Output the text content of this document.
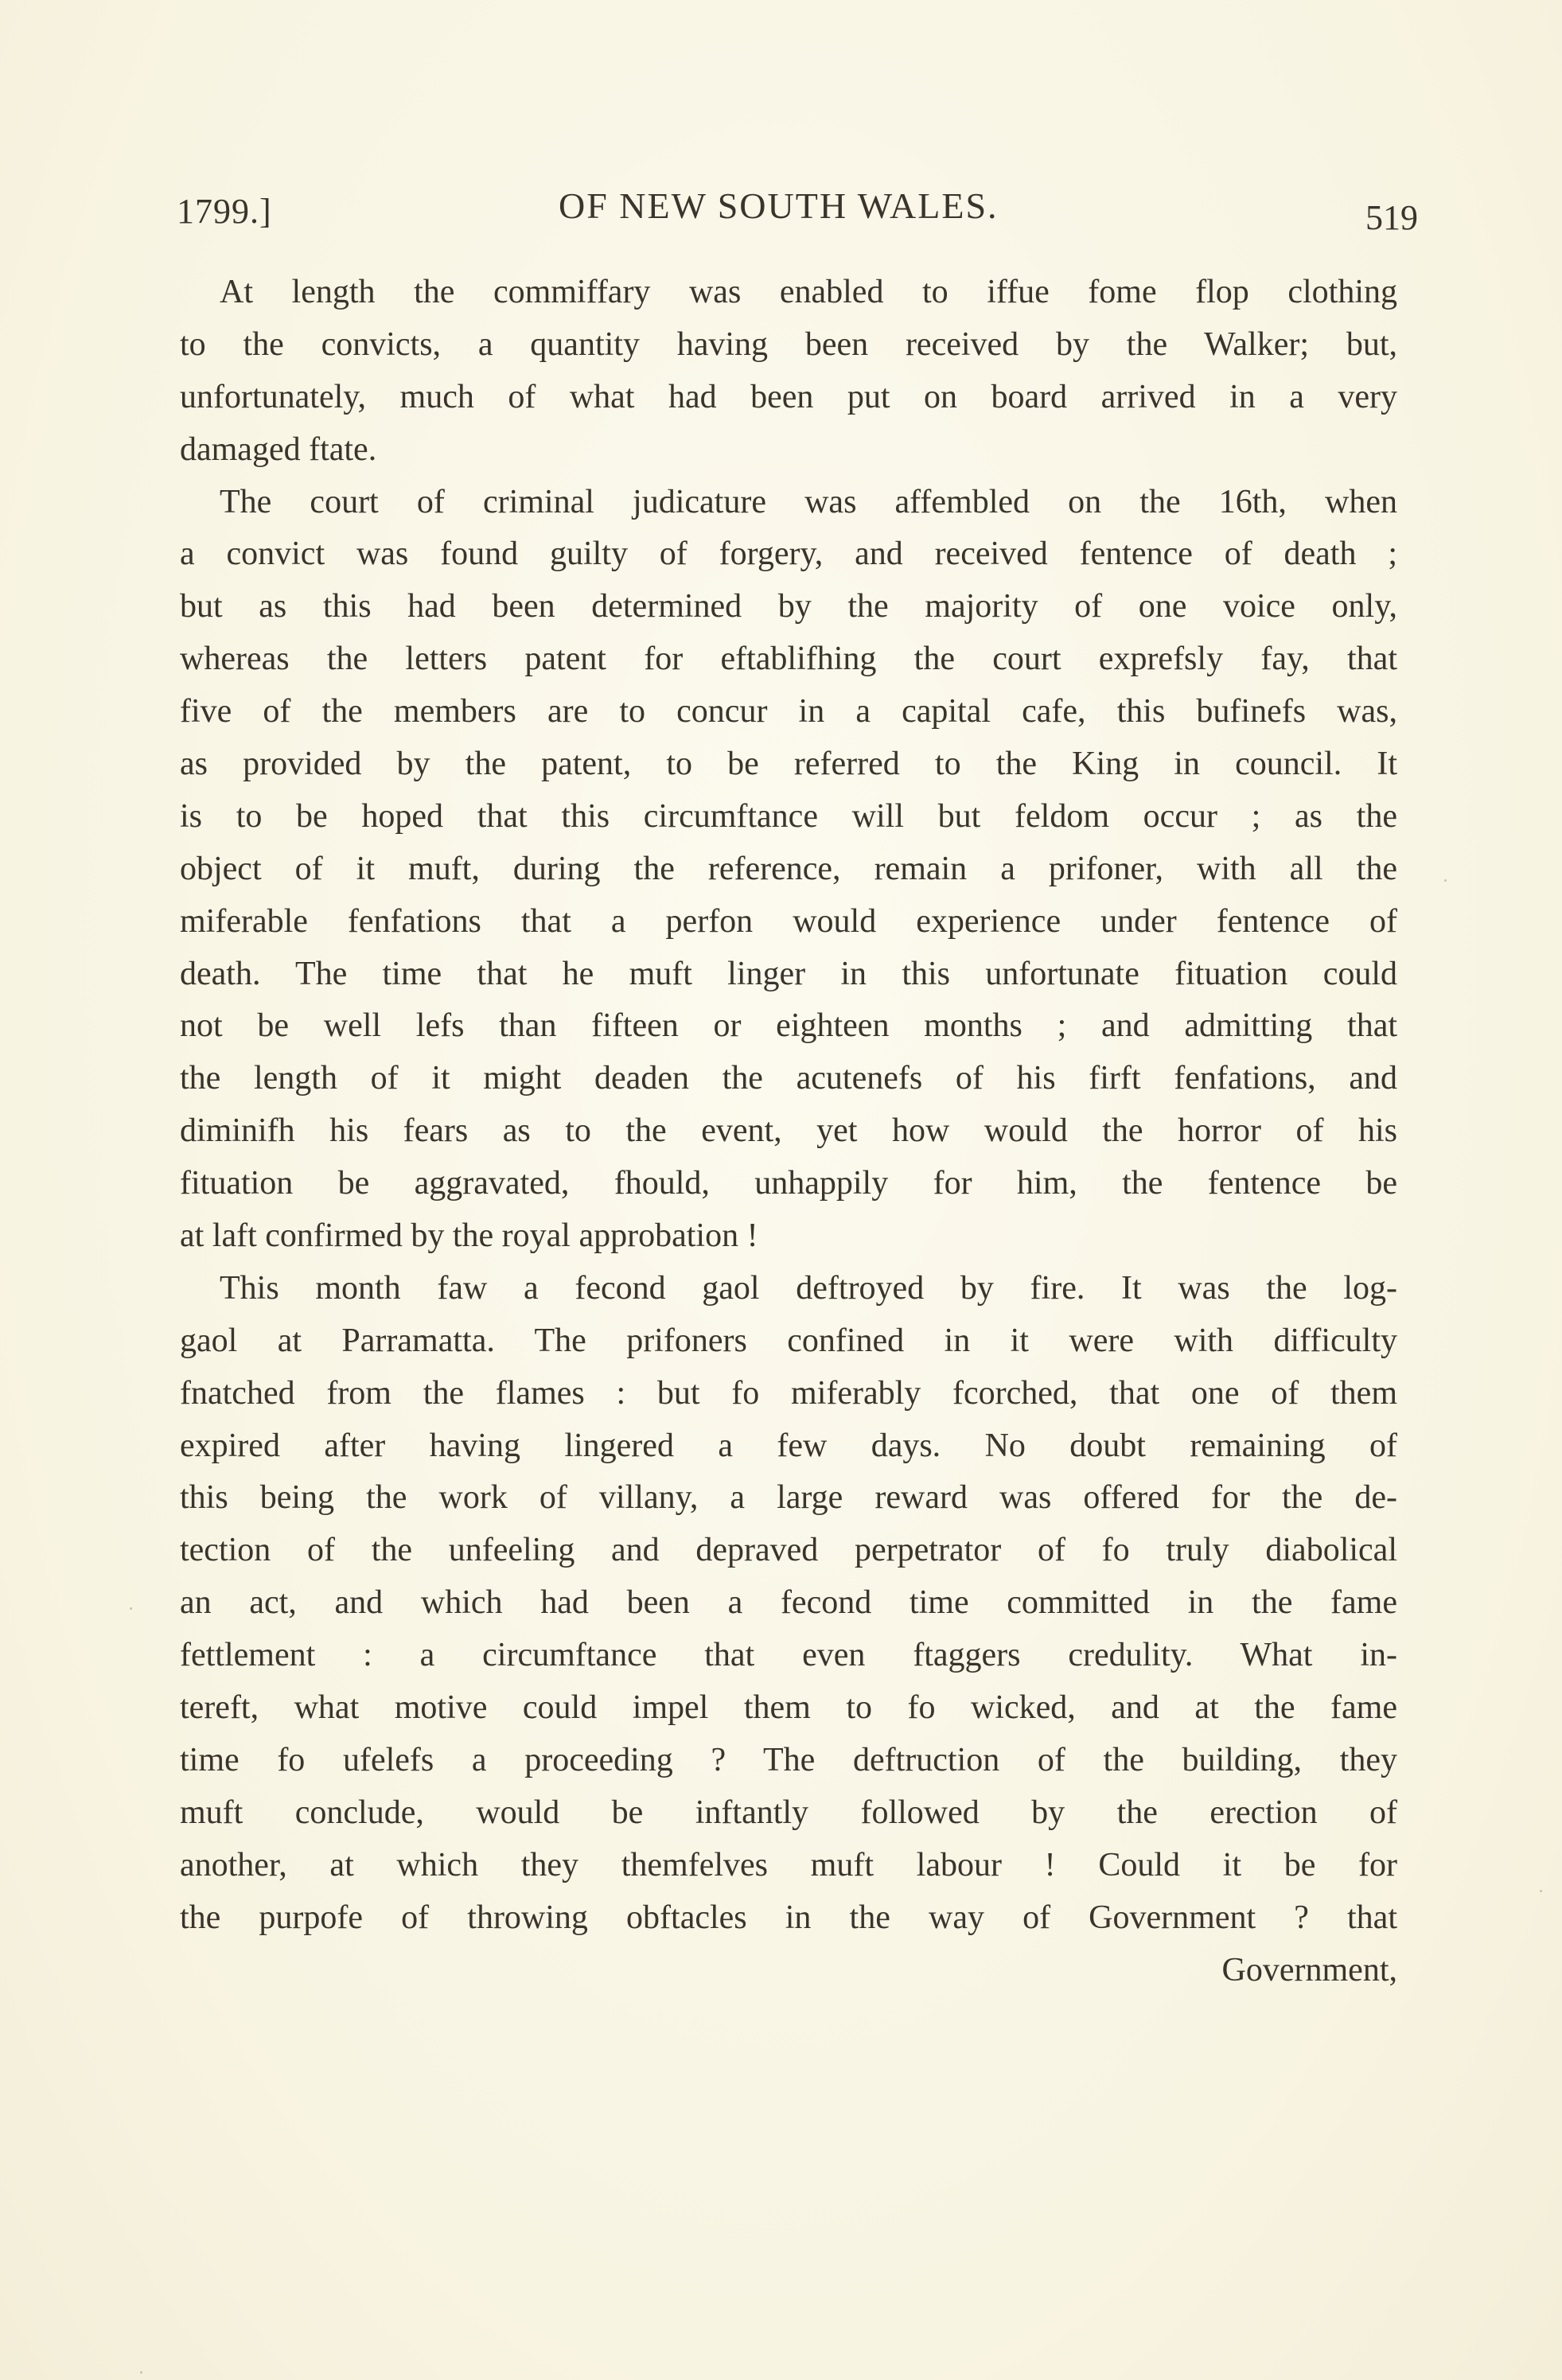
1799.]	OF NEW SOUTH WALES.	519
At length the commiffary was enabled to iffue fome flop clothing
to the convicts, a quantity having been received by the Walker; but,
unfortunately, much of what had been put on board arrived in a very
damaged ftate.
The court of criminal judicature was affembled on the 16th, when
a convict was found guilty of forgery, and received fentence of death ;
but as this had been determined by the majority of one voice only,
whereas the letters patent for eftablifhing the court exprefsly fay, that
five of the members are to concur in a capital cafe, this bufinefs was,
as provided by the patent, to be referred to the King in council. It
is to be hoped that this circumftance will but feldom occur ; as the
object of it muft, during the reference, remain a prifoner, with all the
miferable fenfations that a perfon would experience under fentence of
death. The time that he muft linger in this unfortunate fituation could
not be well lefs than fifteen or eighteen months ; and admitting that
the length of it might deaden the acutenefs of his firft fenfations, and
diminifh his fears as to the event, yet how would the horror of his
fituation be aggravated, fhould, unhappily for him, the fentence be
at laft confirmed by the royal approbation !
This month faw a fecond gaol deftroyed by fire. It was the log-
gaol at Parramatta. The prifoners confined in it were with difficulty
fnatched from the flames : but fo miferably fcorched, that one of them
expired after having lingered a few days. No doubt remaining of
this being the work of villany, a large reward was offered for the de-
tection of the unfeeling and depraved perpetrator of fo truly diabolical
an act, and which had been a fecond time committed in the fame
fettlement : a circumftance that even ftaggers credulity. What in-
tereft, what motive could impel them to fo wicked, and at the fame
time fo ufelefs a proceeding ? The deftruction of the building, they
muft conclude, would be inftantly followed by the erection of
another, at which they themfelves muft labour ! Could it be for
the purpofe of throwing obftacles in the way of Government ? that
Government,
